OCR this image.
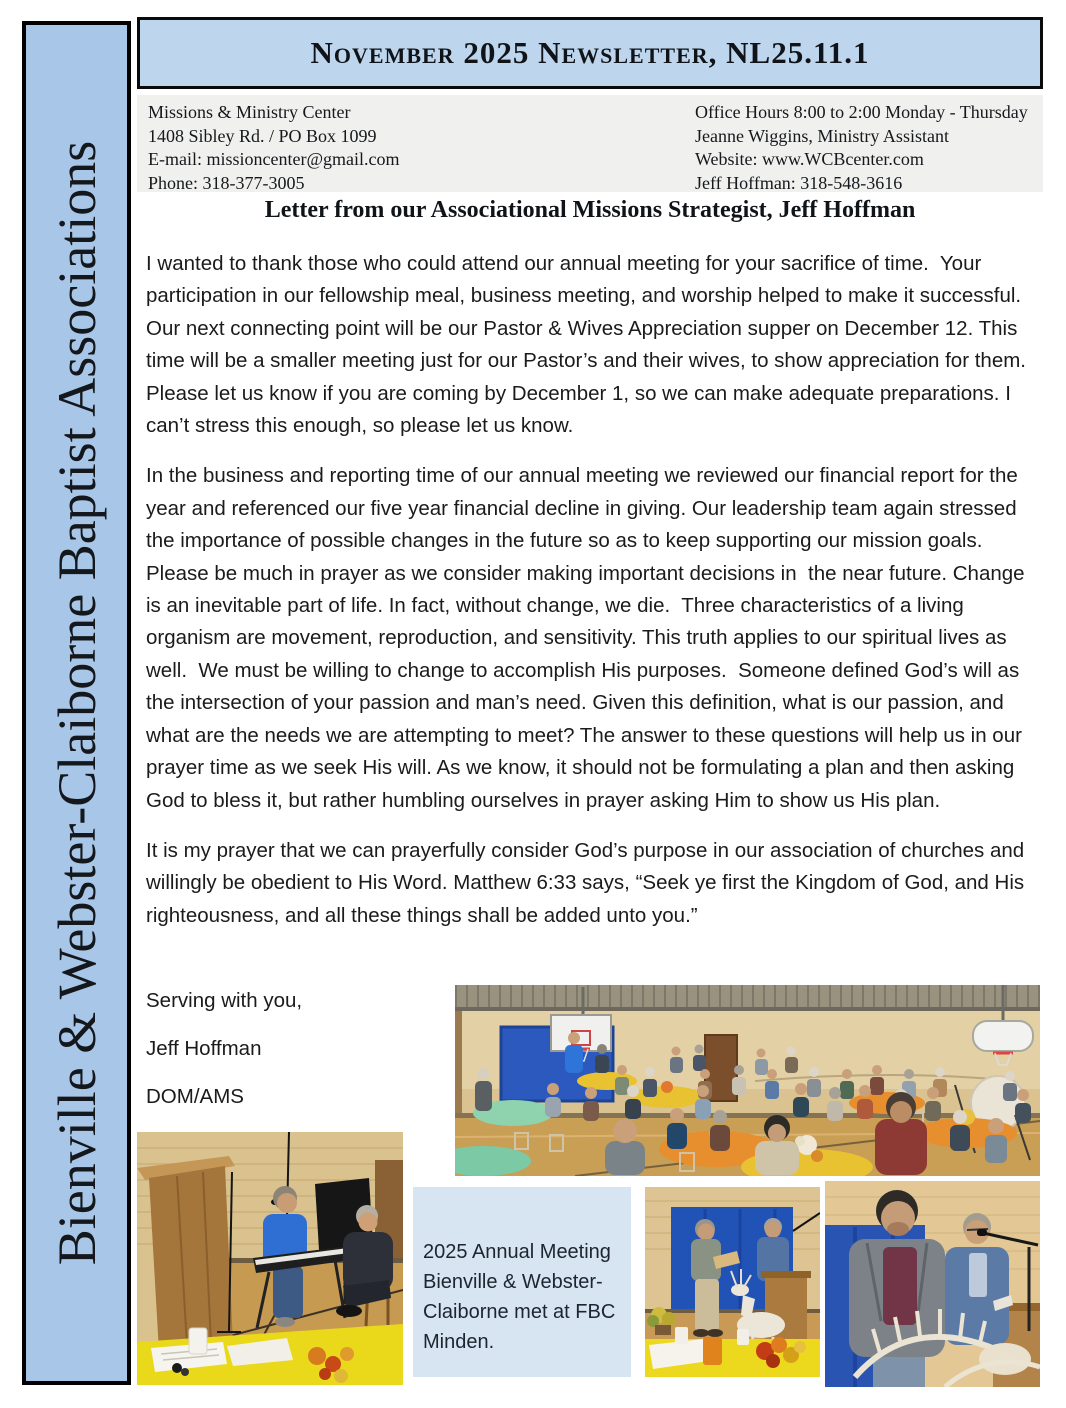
Bienville & Webster-Claiborne Baptist Associations
November 2025 Newsletter, NL25.11.1
Missions & Ministry Center
1408 Sibley Rd. / PO Box 1099
E-mail: missioncenter@gmail.com
Phone: 318-377-3005
Office Hours 8:00 to 2:00 Monday - Thursday
Jeanne Wiggins, Ministry Assistant
Website: www.WCBcenter.com
Jeff Hoffman: 318-548-3616
Letter from our Associational Missions Strategist, Jeff Hoffman

I wanted to thank those who could attend our annual meeting for your sacrifice of time.  Your participation in our fellowship meal, business meeting, and worship helped to make it successful.  Our next connecting point will be our Pastor & Wives Appreciation supper on December 12. This time will be a smaller meeting just for our Pastor’s and their wives, to show appreciation for them. Please let us know if you are coming by December 1, so we can make adequate preparations. I can’t stress this enough, so please let us know.

In the business and reporting time of our annual meeting we reviewed our financial report for the year and referenced our five year financial decline in giving. Our leadership team again stressed the importance of possible changes in the future so as to keep supporting our mission goals. Please be much in prayer as we consider making important decisions in  the near future. Change is an inevitable part of life. In fact, without change, we die.  Three characteristics of a living organism are movement, reproduction, and sensitivity. This truth applies to our spiritual lives as well.  We must be willing to change to accomplish His purposes.  Someone defined God’s will as the intersection of your passion and man’s need. Given this definition, what is our passion, and what are the needs we are attempting to meet? The answer to these questions will help us in our prayer time as we seek His will. As we know, it should not be formulating a plan and then asking God to bless it, but rather humbling ourselves in prayer asking Him to show us His plan.

It is my prayer that we can prayerfully consider God’s purpose in our association of churches and willingly be obedient to His Word. Matthew 6:33 says, “Seek ye first the Kingdom of God, and His righteousness, and all these things shall be added unto you.”

Serving with you,
Jeff Hoffman
DOM/AMS

2025 Annual Meeting Bienville & Webster-Claiborne met at FBC Minden.
